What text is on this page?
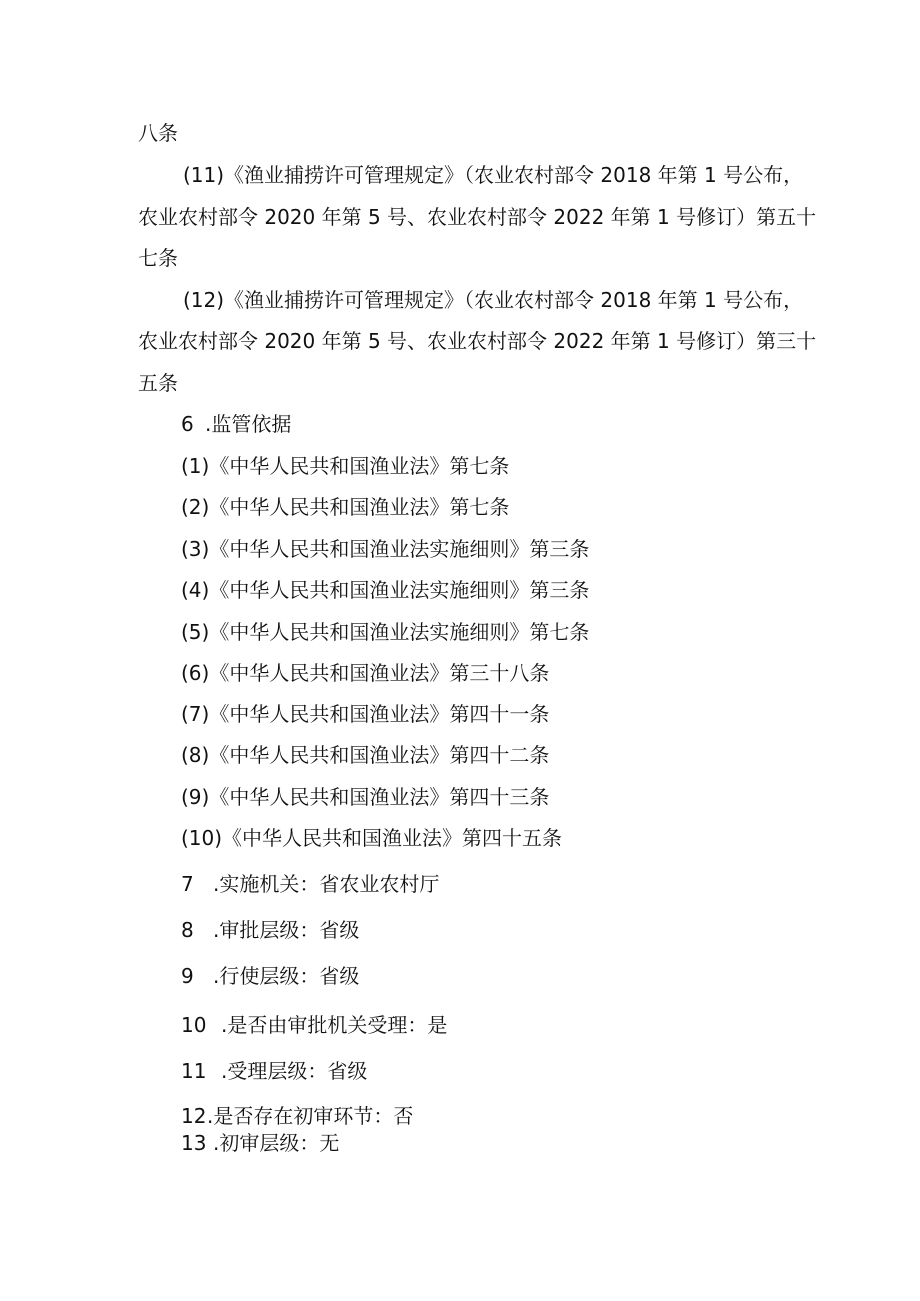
八条
(11)《渔业捕捞许可管理规定》（农业农村部令 2018 年第 1 号公布，
农业农村部令 2020 年第 5 号、农业农村部令 2022 年第 1 号修订）第五十
七条
(12)《渔业捕捞许可管理规定》（农业农村部令 2018 年第 1 号公布，
农业农村部令 2020 年第 5 号、农业农村部令 2022 年第 1 号修订）第三十
五条
6 .监管依据
(1)《中华人民共和国渔业法》第七条
(2)《中华人民共和国渔业法》第七条
(3)《中华人民共和国渔业法实施细则》第三条
(4)《中华人民共和国渔业法实施细则》第三条
(5)《中华人民共和国渔业法实施细则》第七条
(6)《中华人民共和国渔业法》第三十八条
(7)《中华人民共和国渔业法》第四十一条
(8)《中华人民共和国渔业法》第四十二条
(9)《中华人民共和国渔业法》第四十三条
(10)《中华人民共和国渔业法》第四十五条
7 .实施机关：省农业农村厅
8 .审批层级：省级
9 .行使层级：省级
10 .是否由审批机关受理：是
11 .受理层级：省级
12.是否存在初审环节：否
13 .初审层级：无
